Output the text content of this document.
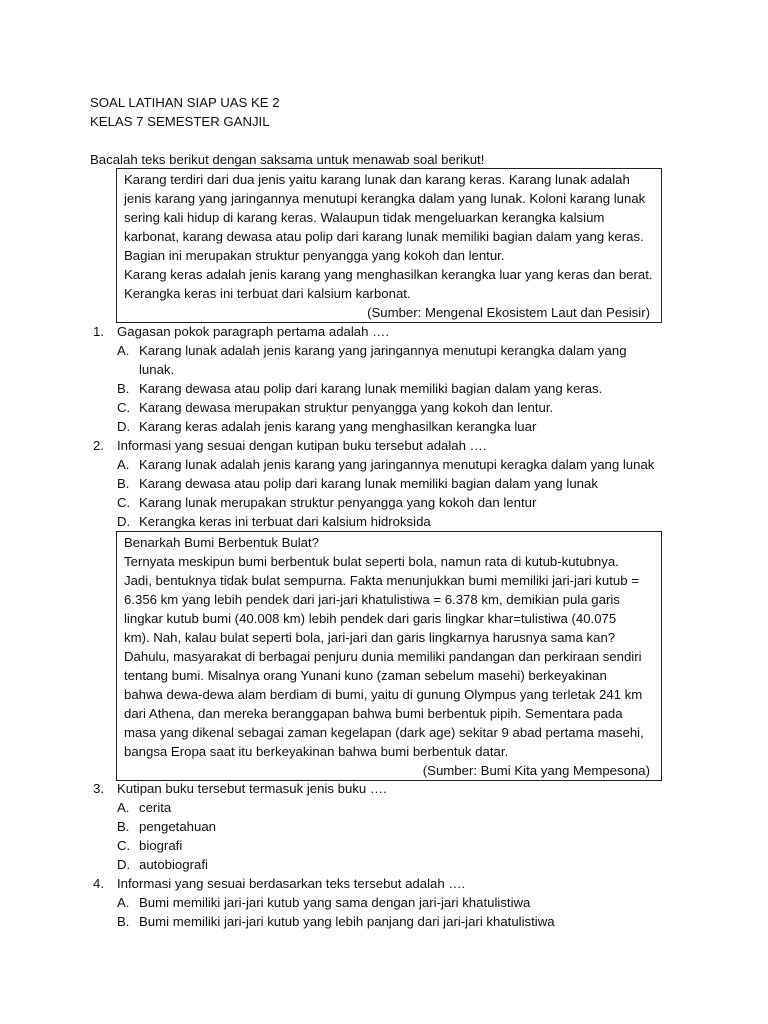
SOAL LATIHAN SIAP UAS KE 2
KELAS 7 SEMESTER GANJIL
Bacalah teks berikut dengan saksama untuk menawab soal berikut!

Karang terdiri dari dua jenis yaitu karang lunak dan karang keras. Karang lunak adalah

jenis karang yang jaringannya menutupi kerangka dalam yang lunak. Koloni karang lunak

sering kali hidup di karang keras. Walaupun tidak mengeluarkan kerangka kalsium

karbonat, karang dewasa atau polip dari karang lunak memiliki bagian dalam yang keras.

Bagian ini merupakan struktur penyangga yang kokoh dan lentur.

Karang keras adalah jenis karang yang menghasilkan kerangka luar yang keras dan berat.

Kerangka keras ini terbuat dari kalsium karbonat.

(Sumber: Mengenal Ekosistem Laut dan Pesisir)

1. Gagasan pokok paragraph pertama adalah ….
A. Karang lunak adalah jenis karang yang jaringannya menutupi kerangka dalam yang
lunak.
B. Karang dewasa atau polip dari karang lunak memiliki bagian dalam yang keras.
C. Karang dewasa merupakan struktur penyangga yang kokoh dan lentur.
D. Karang keras adalah jenis karang yang menghasilkan kerangka luar
2. Informasi yang sesuai dengan kutipan buku tersebut adalah ….
A. Karang lunak adalah jenis karang yang jaringannya menutupi keragka dalam yang lunak
B. Karang dewasa atau polip dari karang lunak memiliki bagian dalam yang lunak
C. Karang lunak merupakan struktur penyangga yang kokoh dan lentur
D. Kerangka keras ini terbuat dari kalsium hidroksida

Benarkah Bumi Berbentuk Bulat?

Ternyata meskipun bumi berbentuk bulat seperti bola, namun rata di kutub-kutubnya.

Jadi, bentuknya tidak bulat sempurna. Fakta menunjukkan bumi memiliki jari-jari kutub =

6.356 km yang lebih pendek dari jari-jari khatulistiwa = 6.378 km, demikian pula garis

lingkar kutub bumi (40.008 km) lebih pendek dari garis lingkar khar=tulistiwa (40.075

km). Nah, kalau bulat seperti bola, jari-jari dan garis lingkarnya harusnya sama kan?

Dahulu, masyarakat di berbagai penjuru dunia memiliki pandangan dan perkiraan sendiri

tentang bumi. Misalnya orang Yunani kuno (zaman sebelum masehi) berkeyakinan

bahwa dewa-dewa alam berdiam di bumi, yaitu di gunung Olympus yang terletak 241 km

dari Athena, dan mereka beranggapan bahwa bumi berbentuk pipih. Sementara pada

masa yang dikenal sebagai zaman kegelapan (dark age) sekitar 9 abad pertama masehi,

bangsa Eropa saat itu berkeyakinan bahwa bumi berbentuk datar.

(Sumber: Bumi Kita yang Mempesona)

3. Kutipan buku tersebut termasuk jenis buku ….
A. cerita
B. pengetahuan
C. biografi
D. autobiografi
4. Informasi yang sesuai berdasarkan teks tersebut adalah ….
A. Bumi memiliki jari-jari kutub yang sama dengan jari-jari khatulistiwa
B. Bumi memiliki jari-jari kutub yang lebih panjang dari jari-jari khatulistiwa
